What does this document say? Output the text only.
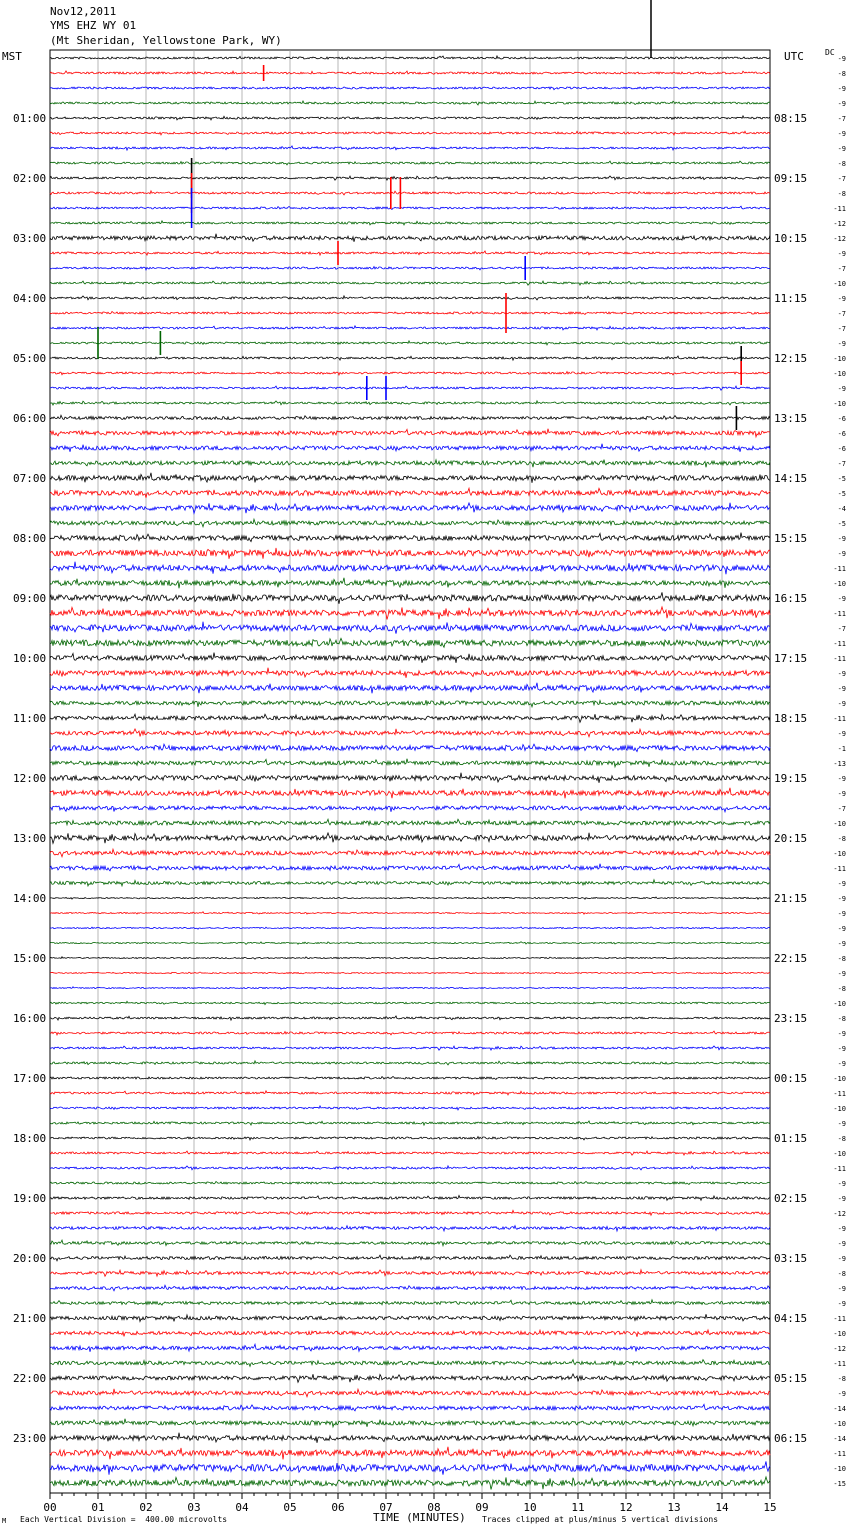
Nov12,2011
YMS EHZ WY 01
(Mt Sheridan, Yellowstone Park, WY)
MST	UTC	DC
01:00
02:00
03:00
04:00
05:00
06:00
07:00
08:00
09:00
10:00
11:00
12:00
13:00
14:00
15:00
16:00
17:00
18:00
19:00
20:00
21:00
22:00
23:00
08:15
09:15
10:15
11:15
12:15
13:15
14:15
15:15
16:15
17:15
18:15
19:15
20:15
21:15
22:15
23:15
00:15
01:15
02:15
03:15
04:15
05:15
06:15
-9
-8
-9
-9
-7
-9
-9
-8
-7
-8
-11
-12
-12
-9
-7
-10
-9
-7
-7
-9
-10
-10
-9
-10
-6
-6
-6
-7
-5
-5
-4
-5
-9
-9
-11
-10
-9
-11
-7
-11
-11
-9
-9
-9
-11
-9
-1
-13
-9
-9
-7
-10
-8
-10
-11
-9
-9
-9
-9
-9
-8
-9
-8
-10
-8
-9
-9
-9
-10
-11
-10
-9
-8
-10
-11
-9
-9
-12
-9
-9
-9
-8
-9
-9
-11
-10
-12
-11
-8
-9
-14
-10
-14
-11
-10
-15
00	01	02	03	04	05	06	07	08	09	10	11	12	13	14	15
M Each Vertical Division =  400.00 microvolts	TIME (MINUTES) Traces clipped at plus/minus 5 vertical divisions
